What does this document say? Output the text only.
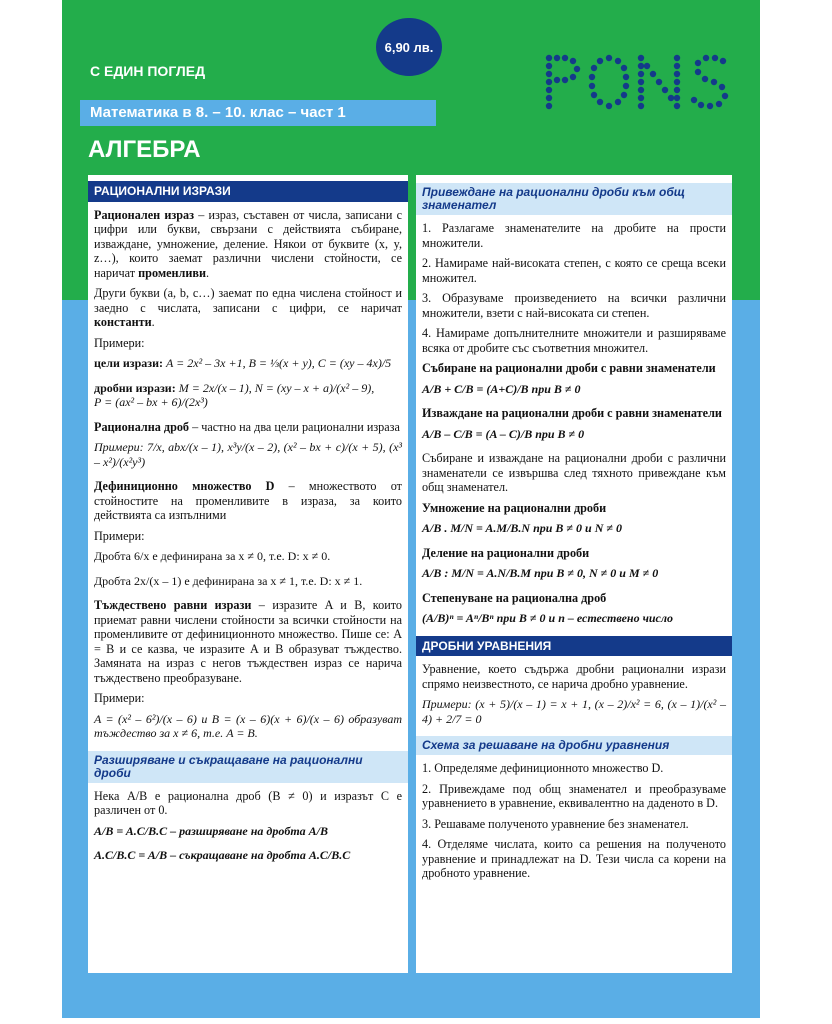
6,90 лв.
С ЕДИН ПОГЛЕД
Математика в 8. – 10. клас – част 1
АЛГЕБРА
РАЦИОНАЛНИ ИЗРАЗИ

Рационален израз – израз, съставен от числа, записани с цифри или букви, свързани с действията събиране, изваждане, умножение, деление. Някои от буквите (x, y, z…), които заемат различни числени стойности, се наричат променливи.

Други букви (a, b, c…) заемат по една числена стойност и заедно с числата, записани с цифри, се наричат константи.

Примери:

цели изрази: A = 2x² – 3x +1, B = ⅓(x + y), C = (xy – 4x)/5

дробни изрази: M = 2x/(x – 1), N = (xy – x + a)/(x² – 9),
P = (ax² – bx + 6)/(2x³)

Рационална дроб – частно на два цели рационални израза

Примери: 7/x, abx/(x – 1), x³y/(x – 2), (x² – bx + c)/(x + 5), (x³ – x²)/(x²y³)

Дефиниционно множество D – множеството от стойностите на променливите в израза, за които действията са изпълними

Примери:

Дробта 6/x е дефинирана за x ≠ 0, т.е. D: x ≠ 0.

Дробта 2x/(x – 1) е дефинирана за x ≠ 1, т.е. D: x ≠ 1.

Тъждествено равни изрази – изразите A и B, които приемат равни числени стойности за всички стойности на променливите от дефиниционното множество. Пише се: A = B и се казва, че изразите A и B образуват тъждество. Замяната на израз с негов тъждествен израз се нарича тъждествено преобразуване.

Примери:

A = (x² – 6²)/(x – 6) и B = (x – 6)(x + 6)/(x – 6) образуват тъждество за x ≠ 6, т.е. A = B.

Разширяване и съкращаване на рационални дроби

Нека A/B е рационална дроб (B ≠ 0) и изразът C е различен от 0.

A/B = A.C/B.C – разширяване на дробта A/B

A.C/B.C = A/B – съкращаване на дробта A.C/B.C

Привеждане на рационални дроби към общ знаменател

1. Разлагаме знаменателите на дробите на прости множители.

2. Намираме най-високата степен, с която се среща всеки множител.

3. Образуваме произведението на всички различни множители, взети с най-високата си степен.

4. Намираме допълнителните множители и разширяваме всяка от дробите със съответния множител.

Събиране на рационални дроби с равни знаменатели

A/B + C/B = (A+C)/B при B ≠ 0

Изваждане на рационални дроби с равни знаменатели

A/B – C/B = (A – C)/B при B ≠ 0

Събиране и изваждане на рационални дроби с различни знаменатели се извършва след тяхното привеждане към общ знаменател.

Умножение на рационални дроби

A/B . M/N = A.M/B.N при B ≠ 0 и N ≠ 0

Деление на рационални дроби

A/B : M/N = A.N/B.M при B ≠ 0, N ≠ 0 и M ≠ 0

Степенуване на рационална дроб

(A/B)ⁿ = Aⁿ/Bⁿ при B ≠ 0 и n – естествено число

ДРОБНИ УРАВНЕНИЯ

Уравнение, което съдържа дробни рационални изрази спрямо неизвестното, се нарича дробно уравнение.

Примери: (x + 5)/(x – 1) = x + 1, (x – 2)/x² = 6, (x – 1)/(x² – 4) + 2/7 = 0

Схема за решаване на дробни уравнения

1. Определяме дефиниционното множество D.

2. Привеждаме под общ знаменател и преобразуваме уравнението в уравнение, еквивалентно на даденото в D.

3. Решаваме полученото уравнение без знаменател.

4. Отделяме числата, които са решения на полученото уравнение и принадлежат на D. Тези числа са корени на дробното уравнение.
